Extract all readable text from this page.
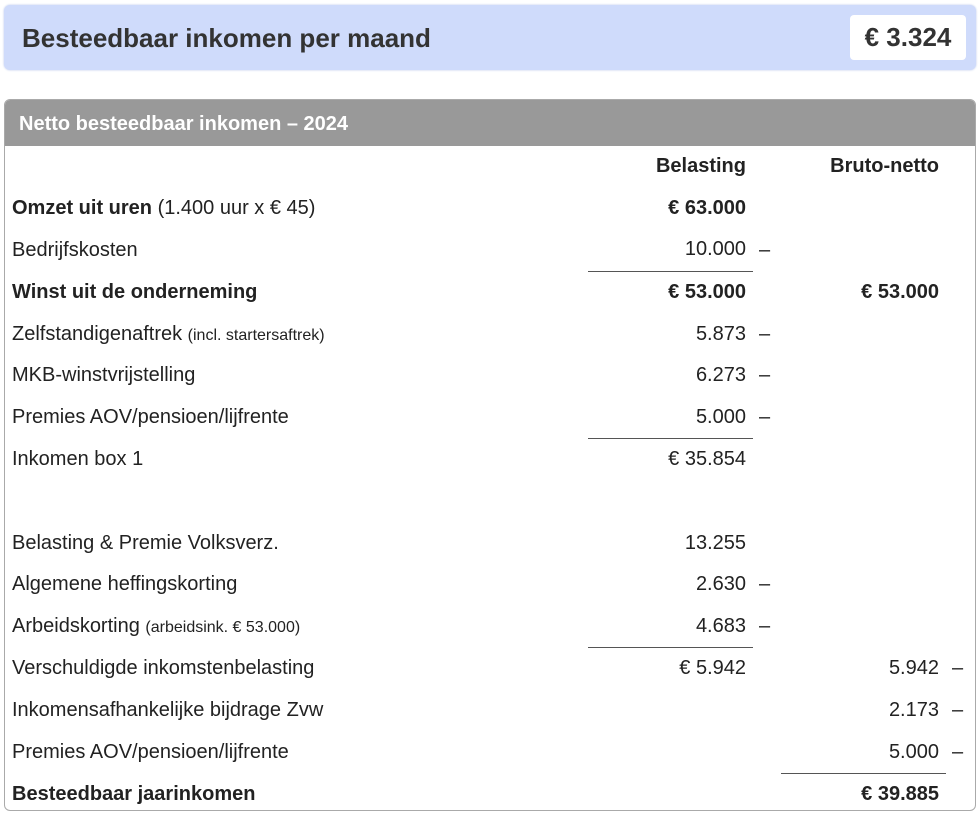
Besteedbaar inkomen per maand	€ 3.324
Netto besteedbaar inkomen – 2024
	Belasting		Bruto-netto	
Omzet uit uren (1.400 uur x € 45)	€ 63.000			
Bedrijfskosten	10.000	–		
Winst uit de onderneming	€ 53.000		€ 53.000	
Zelfstandigenaftrek (incl. startersaftrek)	5.873	–		
MKB-winstvrijstelling	6.273	–		
Premies AOV/pensioen/lijfrente	5.000	–		
Inkomen box 1	€ 35.854			

Belasting & Premie Volksverz.	13.255			
Algemene heffingskorting	2.630	–		
Arbeidskorting (arbeidsink. € 53.000)	4.683	–		
Verschuldigde inkomstenbelasting	€ 5.942		5.942	–
Inkomensafhankelijke bijdrage Zvw			2.173	–
Premies AOV/pensioen/lijfrente			5.000	–
Besteedbaar jaarinkomen			€ 39.885	
